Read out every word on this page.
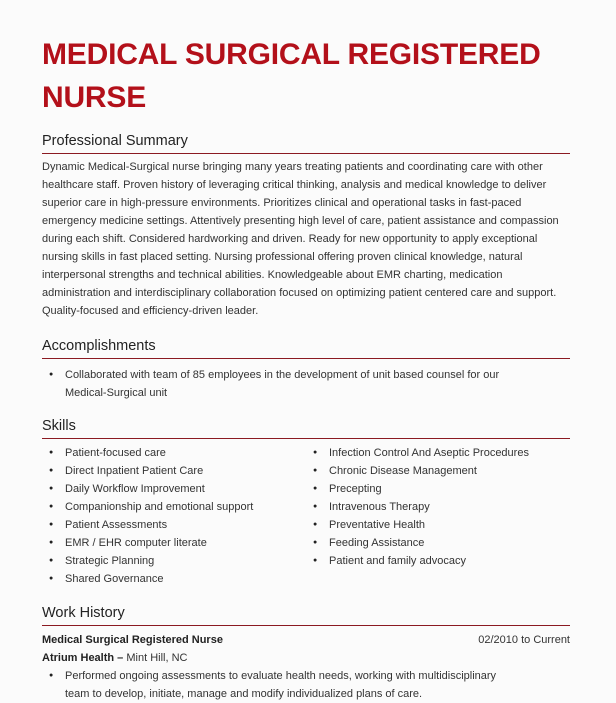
MEDICAL SURGICAL REGISTERED
NURSE
Professional Summary

Dynamic Medical-Surgical nurse bringing many years treating patients and coordinating care with other healthcare staff. Proven history of leveraging critical thinking, analysis and medical knowledge to deliver superior care in high-pressure environments. Prioritizes clinical and operational tasks in fast-paced emergency medicine settings. Attentively presenting high level of care, patient assistance and compassion during each shift. Considered hardworking and driven. Ready for new opportunity to apply exceptional nursing skills in fast placed setting. Nursing professional offering proven clinical knowledge, natural interpersonal strengths and technical abilities. Knowledgeable about EMR charting, medication administration and interdisciplinary collaboration focused on optimizing patient centered care and support. Quality-focused and efficiency-driven leader.

Accomplishments
● Collaborated with team of 85 employees in the development of unit based counsel for our Medical-Surgical unit
Skills
● Patient-focused care
● Direct Inpatient Patient Care
● Daily Workflow Improvement
● Companionship and emotional support
● Patient Assessments
● EMR / EHR computer literate
● Strategic Planning
● Shared Governance
● Infection Control And Aseptic Procedures
● Chronic Disease Management
● Precepting
● Intravenous Therapy
● Preventative Health
● Feeding Assistance
● Patient and family advocacy
Work History
Medical Surgical Registered Nurse	02/2010 to Current
Atrium Health – Mint Hill, NC
● Performed ongoing assessments to evaluate health needs, working with multidisciplinary team to develop, initiate, manage and modify individualized plans of care.
